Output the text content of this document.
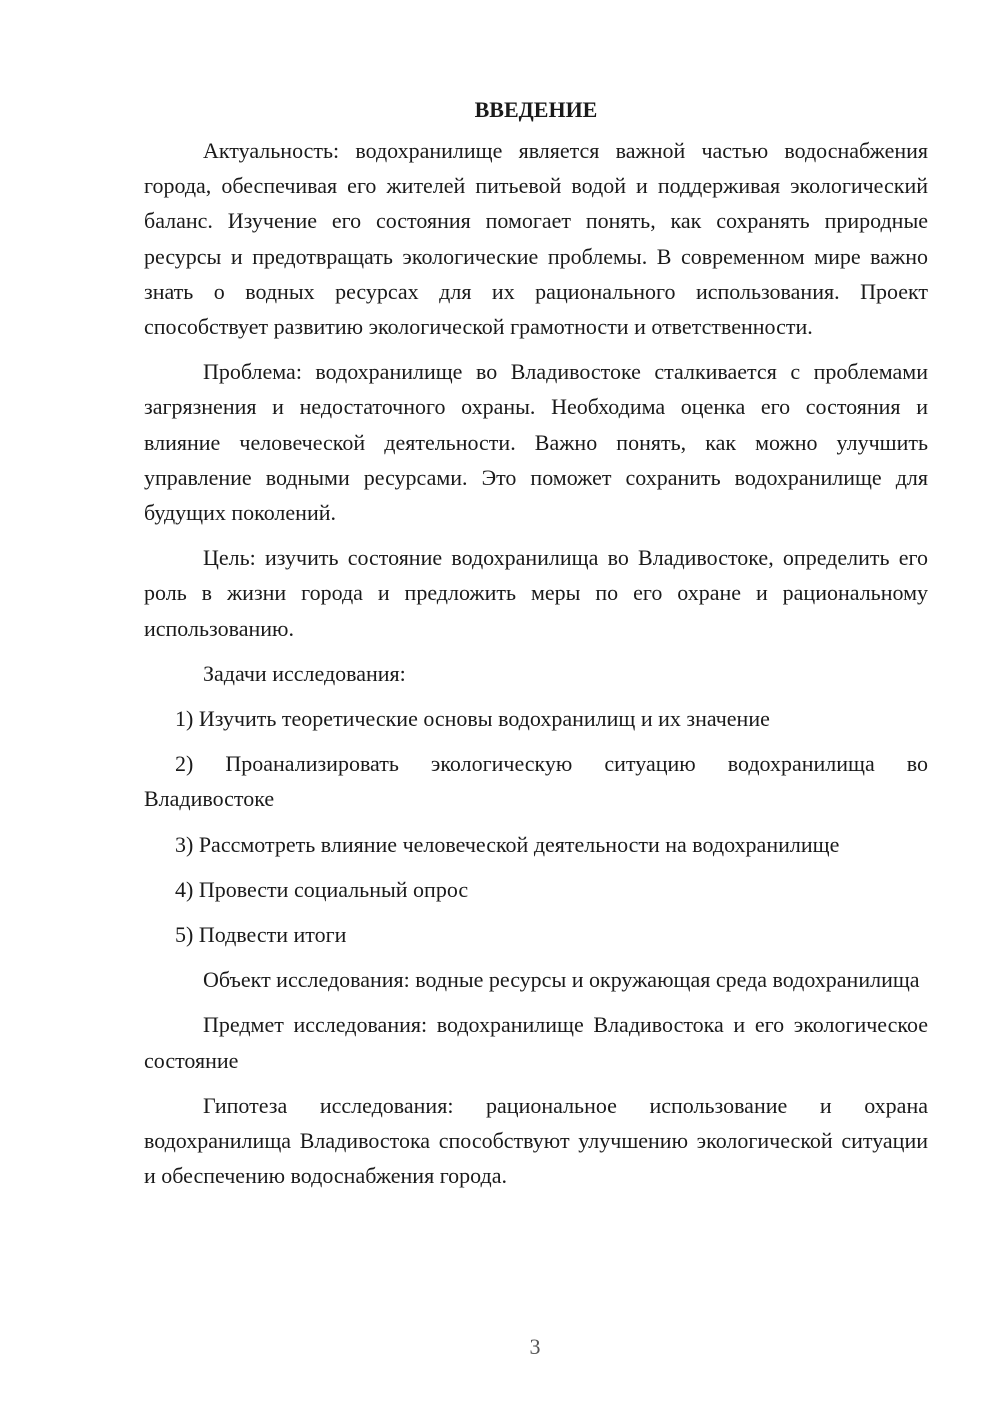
ВВЕДЕНИЕ

Актуальность: водохранилище является важной частью водоснабжения города, обеспечивая его жителей питьевой водой и поддерживая экологический баланс. Изучение его состояния помогает понять, как сохранять природные ресурсы и предотвращать экологические проблемы. В современном мире важно знать о водных ресурсах для их рационального использования. Проект способствует развитию экологической грамотности и ответственности.

Проблема: водохранилище во Владивостоке сталкивается с проблемами загрязнения и недостаточного охраны. Необходима оценка его состояния и влияние человеческой деятельности. Важно понять, как можно улучшить управление водными ресурсами. Это поможет сохранить водохранилище для будущих поколений.

Цель: изучить состояние водохранилища во Владивостоке, определить его роль в жизни города и предложить меры по его охране и рациональному использованию.

Задачи исследования:

1) Изучить теоретические основы водохранилищ и их значение

2) Проанализировать экологическую ситуацию водохранилища во Владивостоке

3) Рассмотреть влияние человеческой деятельности на водохранилище

4) Провести социальный опрос

5) Подвести итоги

Объект исследования: водные ресурсы и окружающая среда водохранилища

Предмет исследования: водохранилище Владивостока и его экологическое состояние

Гипотеза исследования: рациональное использование и охрана водохранилища Владивостока способствуют улучшению экологической ситуации и обеспечению водоснабжения города.

3
